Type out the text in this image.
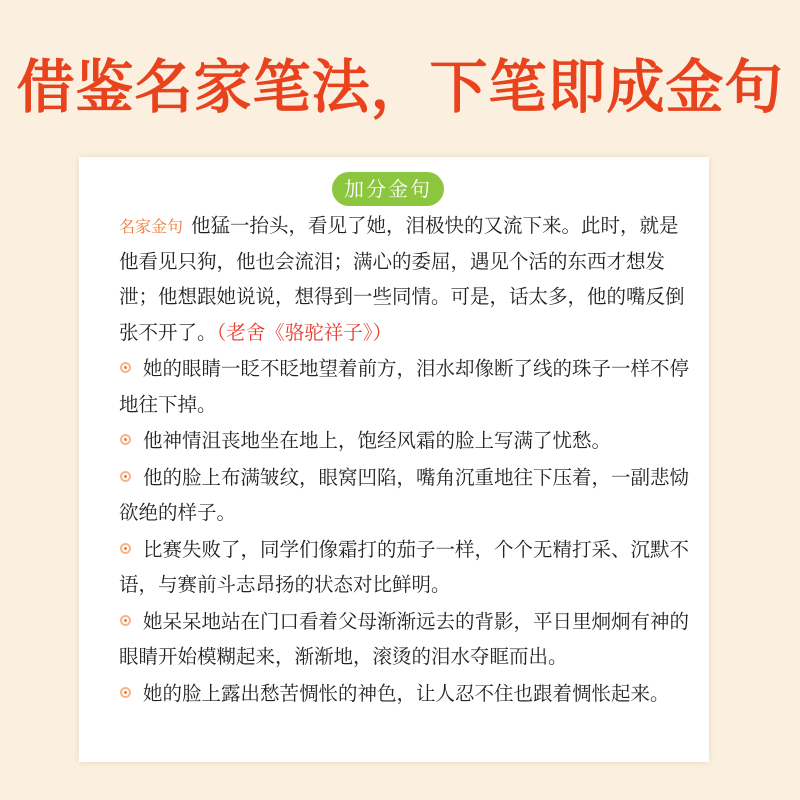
借鉴名家笔法，下笔即成金句
加分金句
名家金句 他猛一抬头，看见了她，泪极快的又流下来。此时，就是他看见只狗，他也会流泪；满心的委屈，遇见个活的东西才想发泄；他想跟她说说，想得到一些同情。可是，话太多，他的嘴反倒张不开了。（老舍《骆驼祥子》）
她的眼睛一眨不眨地望着前方，泪水却像断了线的珠子一样不停地往下掉。
他神情沮丧地坐在地上，饱经风霜的脸上写满了忧愁。
他的脸上布满皱纹，眼窝凹陷，嘴角沉重地往下压着，一副悲恸欲绝的样子。
比赛失败了，同学们像霜打的茄子一样，个个无精打采、沉默不语，与赛前斗志昂扬的状态对比鲜明。
她呆呆地站在门口看着父母渐渐远去的背影，平日里炯炯有神的眼睛开始模糊起来，渐渐地，滚烫的泪水夺眶而出。
她的脸上露出愁苦惆怅的神色，让人忍不住也跟着惆怅起来。
